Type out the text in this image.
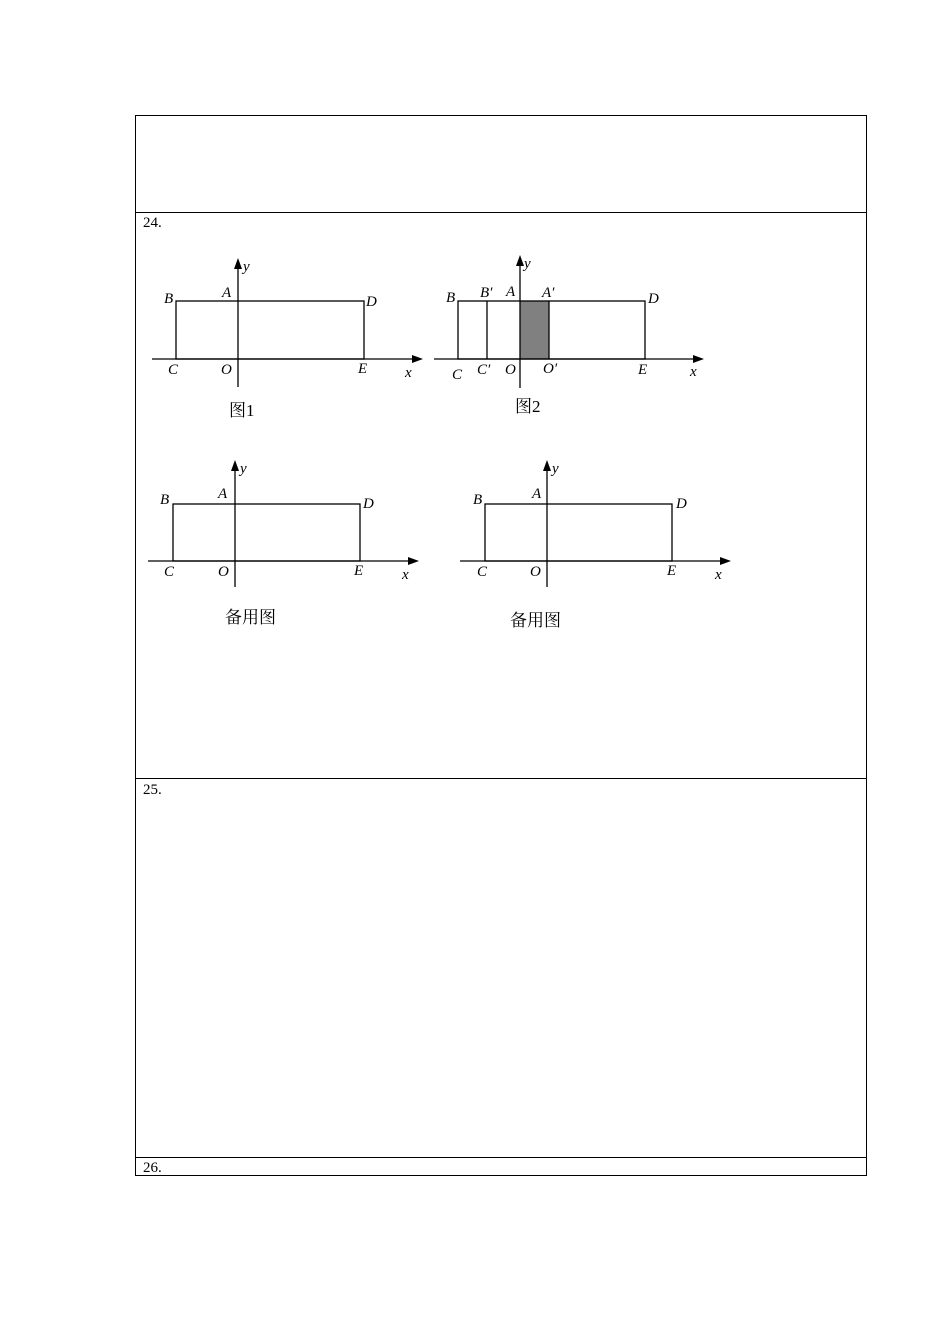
24.
25.
26.
B	A
D
y
C	O	E	x
图1
B B′ A A′	D
y
C C′ O O′	E	x
图2
B	A
D
y
C	O	E	x
备用图
B	A
D
y
C	O	E	x
备用图
